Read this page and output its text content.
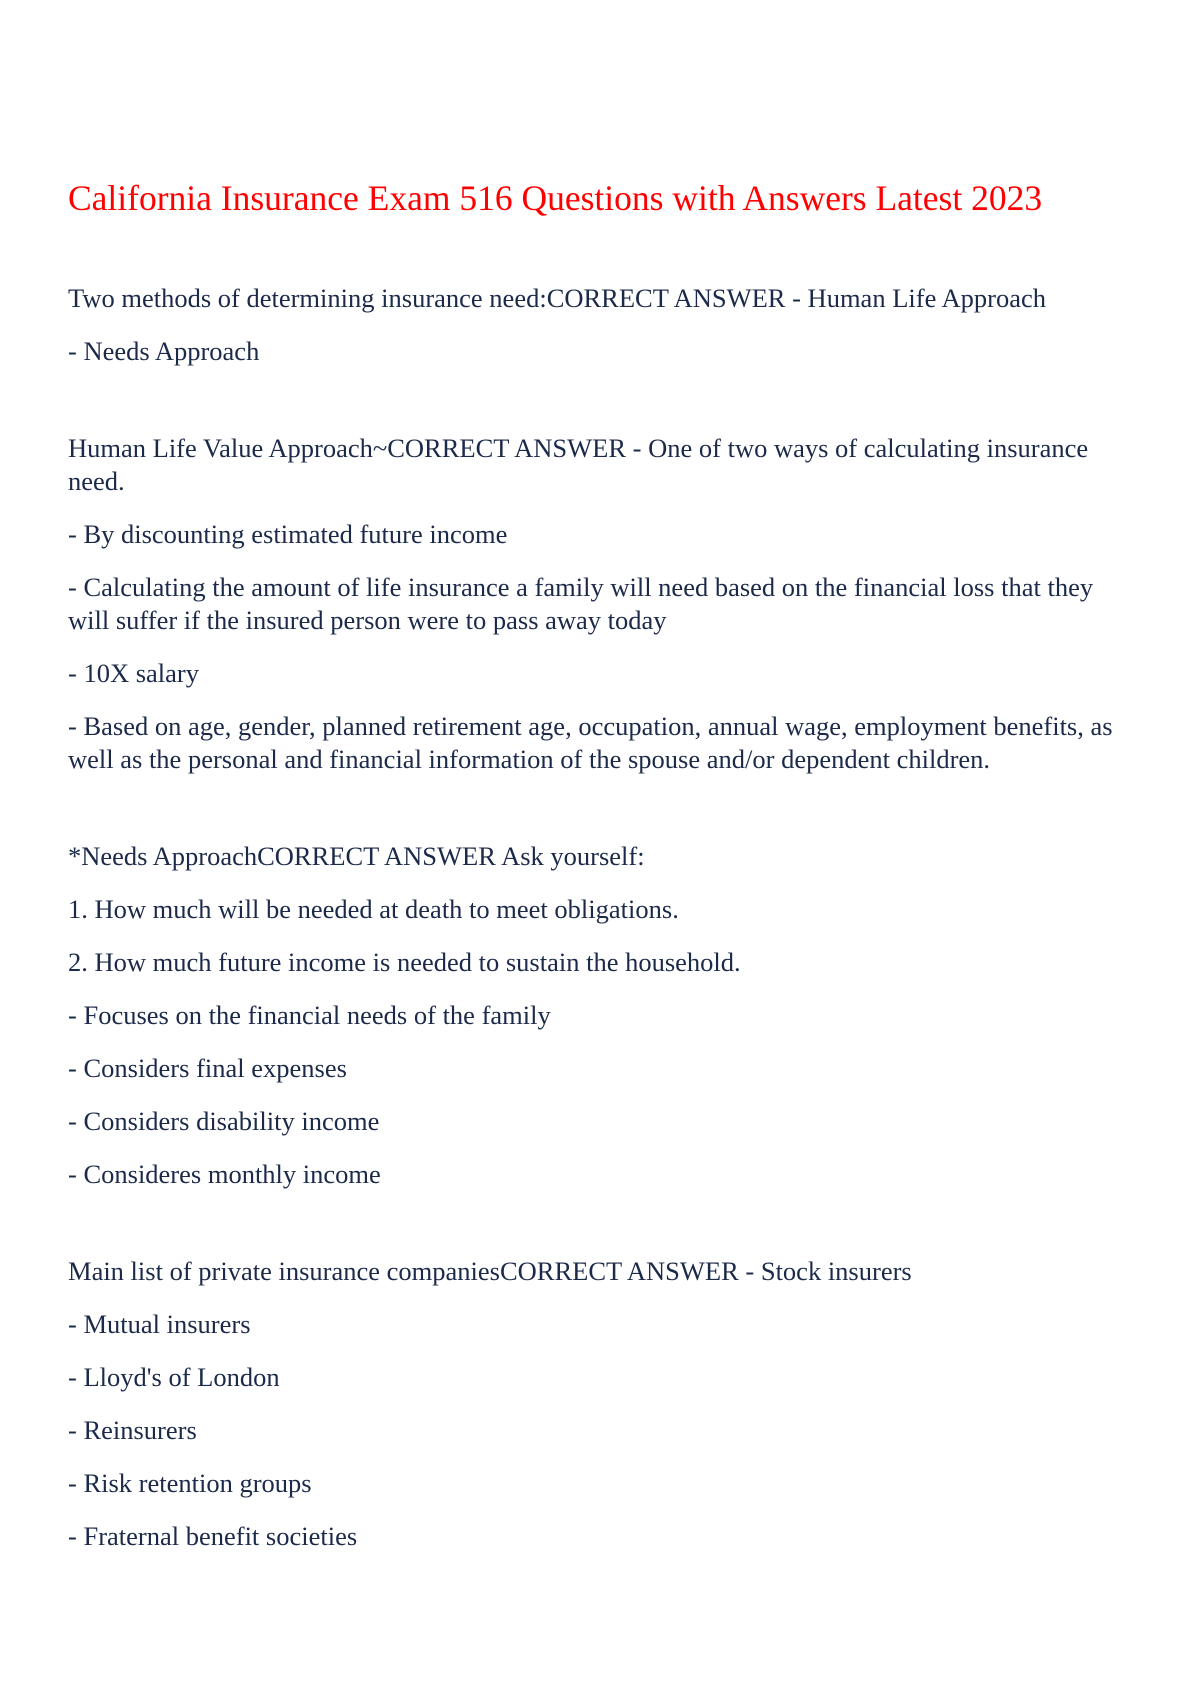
California Insurance Exam 516 Questions with Answers Latest 2023

Two methods of determining insurance need:CORRECT ANSWER - Human Life Approach

- Needs Approach

Human Life Value Approach~CORRECT ANSWER - One of two ways of calculating insurance need.

- By discounting estimated future income

- Calculating the amount of life insurance a family will need based on the financial loss that they will suffer if the insured person were to pass away today

- 10X salary

- Based on age, gender, planned retirement age, occupation, annual wage, employment benefits, as well as the personal and financial information of the spouse and/or dependent children.

*Needs ApproachCORRECT ANSWER Ask yourself:

1. How much will be needed at death to meet obligations.

2. How much future income is needed to sustain the household.

- Focuses on the financial needs of the family

- Considers final expenses

- Considers disability income

- Consideres monthly income

Main list of private insurance companiesCORRECT ANSWER - Stock insurers

- Mutual insurers

- Lloyd's of London

- Reinsurers

- Risk retention groups

- Fraternal benefit societies
